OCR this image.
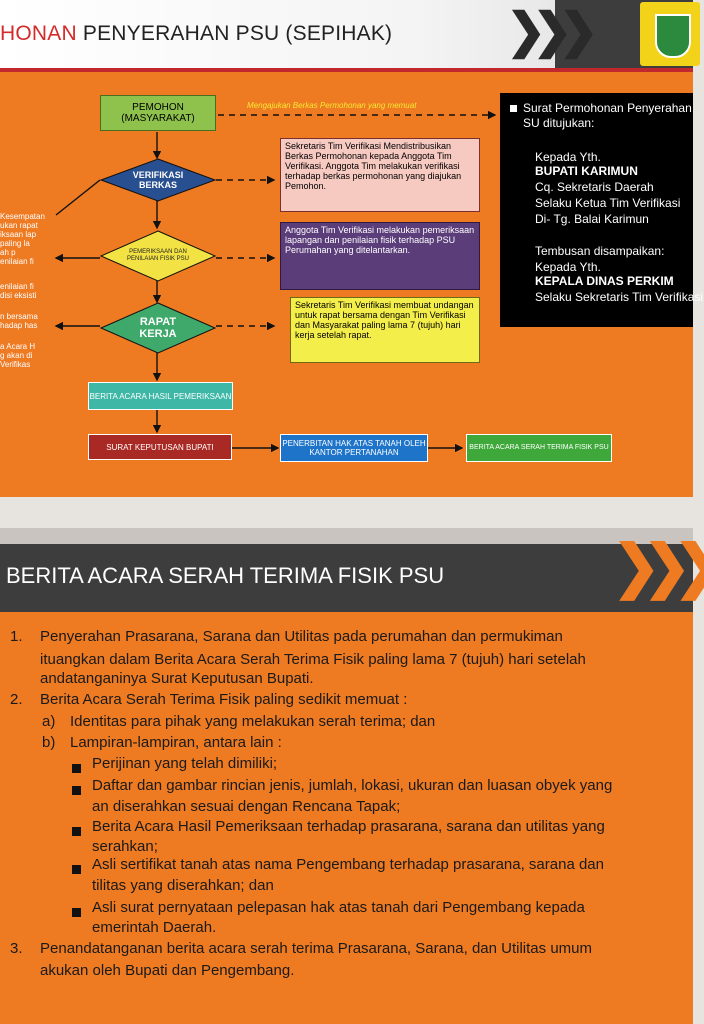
HONAN PENYERAHAN PSU (SEPIHAK) ❯❯❯
PEMOHON (MASYARAKAT)
Mengajukan Berkas Permohonan yang memuat
VERIFIKASI BERKAS
Sekretaris Tim Verifikasi Mendistribusikan Berkas Permohonan kepada Anggota Tim Verifikasi. Anggota Tim melakukan verifikasi terhadap berkas permohonan yang diajukan Pemohon.
PEMERIKSAAN DAN PENILAIAN FISIK PSU
Anggota Tim Verifikasi melakukan pemeriksaan lapangan dan penilaian fisik terhadap PSU Perumahan yang ditelantarkan.
RAPAT KERJA
Sekretaris Tim Verifikasi membuat undangan untuk rapat bersama dengan Tim Verifikasi dan Masyarakat paling lama 7 (tujuh) hari kerja setelah rapat.
BERITA ACARA HASIL PEMERIKSAAN
SURAT KEPUTUSAN BUPATI	PENERBITAN HAK ATAS TANAH OLEH KANTOR PERTANAHAN
BERITA ACARA SERAH TERIMA FISIK PSU
Kesempatan
ukan rapat
iksaan lap
paling la
ah p
enilaian fi
enilaian fi
disi eksisti
n bersama
hadap has
a Acara H
g akan di
Verifikas
Surat Permohonan Penyerahan
SU ditujukan:
Kepada Yth.
BUPATI KARIMUN
Cq. Sekretaris Daerah
Selaku Ketua Tim Verifikasi
Di- Tg. Balai Karimun
Tembusan disampaikan:
Kepada Yth.
KEPALA DINAS PERKIM
Selaku Sekretaris Tim Verifikasi
BERITA ACARA SERAH TERIMA FISIK PSU	❯❯❯
1. Penyerahan Prasarana, Sarana dan Utilitas pada perumahan dan permukiman
ituangkan dalam Berita Acara Serah Terima Fisik paling lama 7 (tujuh) hari setelah
andatanganinya Surat Keputusan Bupati.
2. Berita Acara Serah Terima Fisik paling sedikit memuat :
a) Identitas para pihak yang melakukan serah terima; dan
b) Lampiran-lampiran, antara lain :
Perijinan yang telah dimiliki;
Daftar dan gambar rincian jenis, jumlah, lokasi, ukuran dan luasan obyek yang
an diserahkan sesuai dengan Rencana Tapak;
Berita Acara Hasil Pemeriksaan terhadap prasarana, sarana dan utilitas yang
serahkan;
Asli sertifikat tanah atas nama Pengembang terhadap prasarana, sarana dan
tilitas yang diserahkan; dan
Asli surat pernyataan pelepasan hak atas tanah dari Pengembang kepada
emerintah Daerah.
3. Penandatanganan berita acara serah terima Prasarana, Sarana, dan Utilitas umum
akukan oleh Bupati dan Pengembang.
